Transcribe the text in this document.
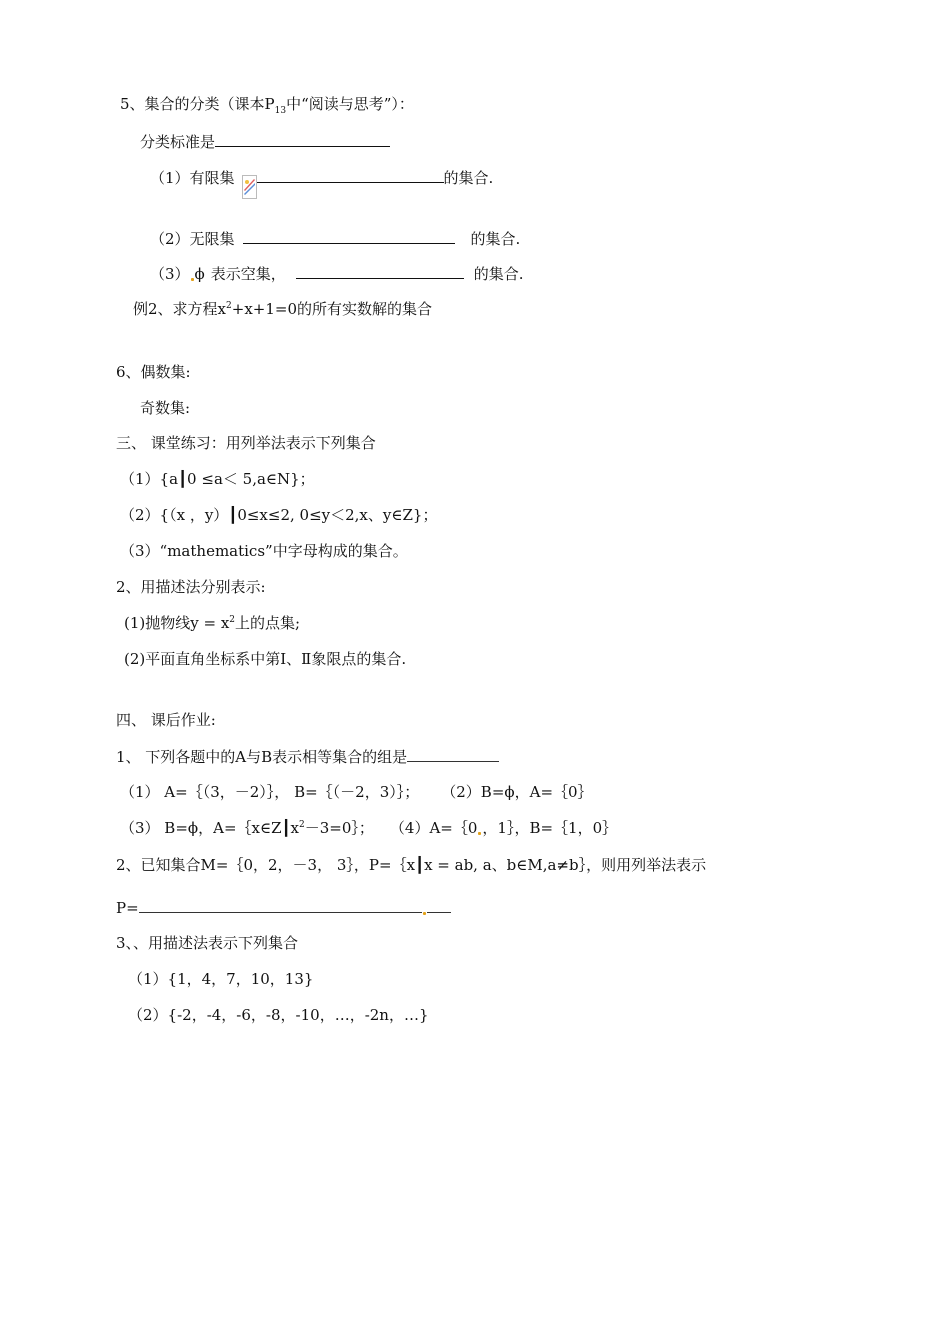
5、集合的分类（课本$P_{13}$中“阅读与思考”）：
分类标准是
（1）有限集	的集合.
（2）无限集	的集合.
（3） ϕ 表示空集，	的集合.
例2、求方程$x^2+x+1=0$的所有实数解的集合
6、偶数集:
奇数集:
三、 课堂练习：用列举法表示下列集合
（1）{a┃0 ≤a＜ 5,a∈N}；
（2）{（x ，y）┃0≤x≤2, 0≤y＜2,x、y∈Z}；
（3）“mathematics”中字母构成的集合。
2、用描述法分别表示:
(1)抛物线$y = x^2$上的点集;
(2)平面直角坐标系中第Ⅰ、Ⅱ象限点的集合.
四、 课后作业:
1、 下列各题中的A与B表示相等集合的组是
（1） A=｛（3，－2）｝， B=｛（－2，3）｝； （2）B=ϕ，A=｛0｝
（3） B=ϕ，$A=\{x\in Z┃x^2-3=0\}$； （4）A=｛0 ，1｝，B=｛1，0｝
2、已知集合M=｛0，2，－3， 3｝，P=｛x┃x = ab, a、b∈M,a≠b｝，则用列举法表示
P=
3、、用描述法表示下列集合
（1）{1，4，7，10，13}
（2）{-2，-4，-6，-8，-10，…，-2n，…}
